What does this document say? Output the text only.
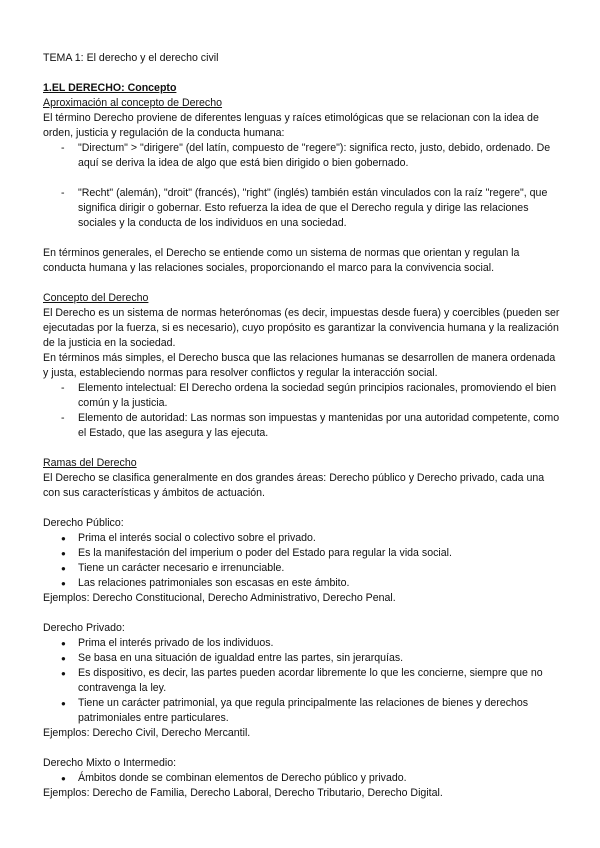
TEMA 1: El derecho y el derecho civil

1.EL DERECHO: Concepto

Aproximación al concepto de Derecho

El término Derecho proviene de diferentes lenguas y raíces etimológicas que se relacionan con la idea de orden, justicia y regulación de la conducta humana:

- "Directum" > "dirigere" (del latín, compuesto de "regere"): significa recto, justo, debido, ordenado. De aquí se deriva la idea de algo que está bien dirigido o bien gobernado.
- "Recht" (alemán), "droit" (francés), "right" (inglés) también están vinculados con la raíz "regere", que significa dirigir o gobernar. Esto refuerza la idea de que el Derecho regula y dirige las relaciones sociales y la conducta de los individuos en una sociedad.

En términos generales, el Derecho se entiende como un sistema de normas que orientan y regulan la conducta humana y las relaciones sociales, proporcionando el marco para la convivencia social.

Concepto del Derecho

El Derecho es un sistema de normas heterónomas (es decir, impuestas desde fuera) y coercibles (pueden ser ejecutadas por la fuerza, si es necesario), cuyo propósito es garantizar la convivencia humana y la realización de la justicia en la sociedad.

En términos más simples, el Derecho busca que las relaciones humanas se desarrollen de manera ordenada y justa, estableciendo normas para resolver conflictos y regular la interacción social.

- Elemento intelectual: El Derecho ordena la sociedad según principios racionales, promoviendo el bien común y la justicia.
- Elemento de autoridad: Las normas son impuestas y mantenidas por una autoridad competente, como el Estado, que las asegura y las ejecuta.

Ramas del Derecho

El Derecho se clasifica generalmente en dos grandes áreas: Derecho público y Derecho privado, cada una con sus características y ámbitos de actuación.

Derecho Público:

● Prima el interés social o colectivo sobre el privado.
● Es la manifestación del imperium o poder del Estado para regular la vida social.
● Tiene un carácter necesario e irrenunciable.
● Las relaciones patrimoniales son escasas en este ámbito.

Ejemplos: Derecho Constitucional, Derecho Administrativo, Derecho Penal.

Derecho Privado:

● Prima el interés privado de los individuos.
● Se basa en una situación de igualdad entre las partes, sin jerarquías.
● Es dispositivo, es decir, las partes pueden acordar libremente lo que les concierne, siempre que no contravenga la ley.
● Tiene un carácter patrimonial, ya que regula principalmente las relaciones de bienes y derechos patrimoniales entre particulares.

Ejemplos: Derecho Civil, Derecho Mercantil.

Derecho Mixto o Intermedio:

● Ámbitos donde se combinan elementos de Derecho público y privado.

Ejemplos: Derecho de Familia, Derecho Laboral, Derecho Tributario, Derecho Digital.
